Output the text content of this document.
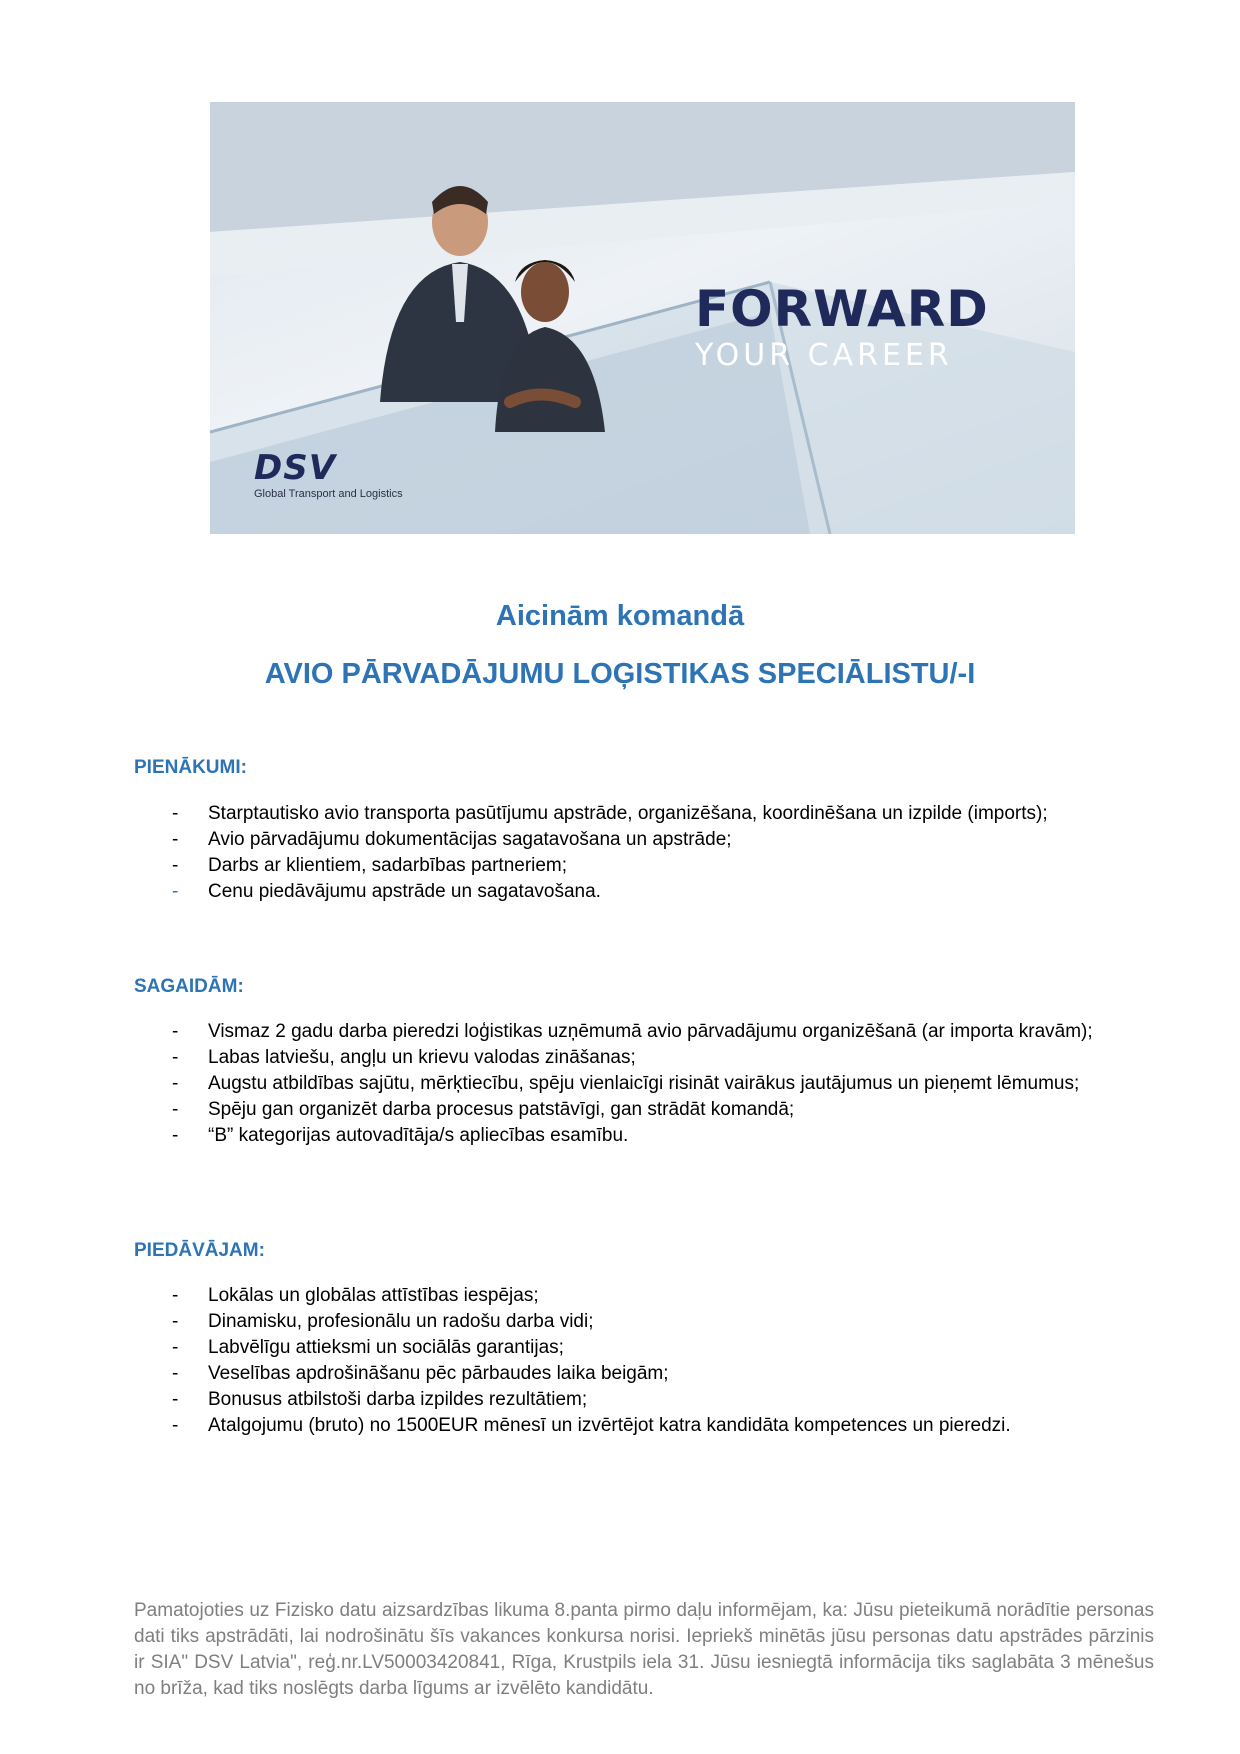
FORWARD
YOUR CAREER
DSV
Global Transport and Logistics
Aicinām komandā
AVIO PĀRVADĀJUMU LOĢISTIKAS SPECIĀLISTU/-I
PIENĀKUMI:
- Starptautisko avio transporta pasūtījumu apstrāde, organizēšana, koordinēšana un izpilde (imports);
- Avio pārvadājumu dokumentācijas sagatavošana un apstrāde;
- Darbs ar klientiem, sadarbības partneriem;
- Cenu piedāvājumu apstrāde un sagatavošana.
SAGAIDĀM:
- Vismaz 2 gadu darba pieredzi loģistikas uzņēmumā avio pārvadājumu organizēšanā (ar importa kravām);
- Labas latviešu, angļu un krievu valodas zināšanas;
- Augstu atbildības sajūtu, mērķtiecību, spēju vienlaicīgi risināt vairākus jautājumus un pieņemt lēmumus;
- Spēju gan organizēt darba procesus patstāvīgi, gan strādāt komandā;
- “B” kategorijas autovadītāja/s apliecības esamību.
PIEDĀVĀJAM:
- Lokālas un globālas attīstības iespējas;
- Dinamisku, profesionālu un radošu darba vidi;
- Labvēlīgu attieksmi un sociālās garantijas;
- Veselības apdrošināšanu pēc pārbaudes laika beigām;
- Bonusus atbilstoši darba izpildes rezultātiem;
- Atalgojumu (bruto) no 1500EUR mēnesī un izvērtējot katra kandidāta kompetences un pieredzi.
Pamatojoties uz Fizisko datu aizsardzības likuma 8.panta pirmo daļu informējam, ka: Jūsu pieteikumā norādītie personas dati tiks apstrādāti, lai nodrošinātu šīs vakances konkursa norisi. Iepriekš minētās jūsu personas datu apstrādes pārzinis ir SIA" DSV Latvia", reģ.nr.LV50003420841, Rīga, Krustpils iela 31. Jūsu iesniegtā informācija tiks saglabāta 3 mēnešus no brīža, kad tiks noslēgts darba līgums ar izvēlēto kandidātu.
